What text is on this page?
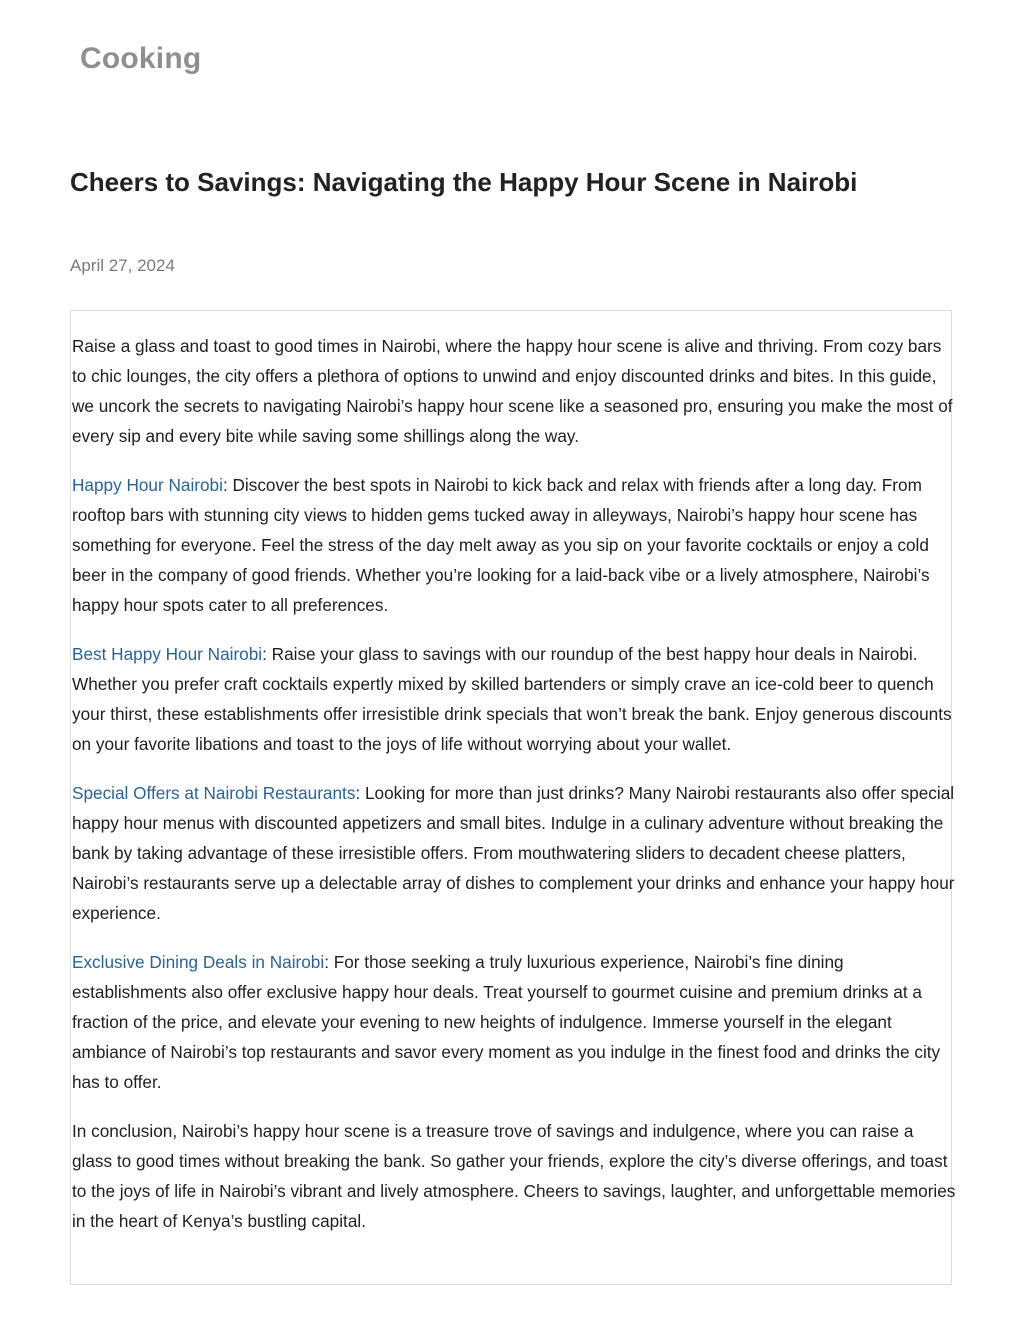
Cooking
Cheers to Savings: Navigating the Happy Hour Scene in Nairobi
April 27, 2024

Raise a glass and toast to good times in Nairobi, where the happy hour scene is alive and thriving. From cozy bars to chic lounges, the city offers a plethora of options to unwind and enjoy discounted drinks and bites. In this guide, we uncork the secrets to navigating Nairobi’s happy hour scene like a seasoned pro, ensuring you make the most of every sip and every bite while saving some shillings along the way.

Happy Hour Nairobi: Discover the best spots in Nairobi to kick back and relax with friends after a long day. From rooftop bars with stunning city views to hidden gems tucked away in alleyways, Nairobi’s happy hour scene has something for everyone. Feel the stress of the day melt away as you sip on your favorite cocktails or enjoy a cold beer in the company of good friends. Whether you’re looking for a laid-back vibe or a lively atmosphere, Nairobi’s happy hour spots cater to all preferences.

Best Happy Hour Nairobi: Raise your glass to savings with our roundup of the best happy hour deals in Nairobi. Whether you prefer craft cocktails expertly mixed by skilled bartenders or simply crave an ice-cold beer to quench your thirst, these establishments offer irresistible drink specials that won’t break the bank. Enjoy generous discounts on your favorite libations and toast to the joys of life without worrying about your wallet.

Special Offers at Nairobi Restaurants: Looking for more than just drinks? Many Nairobi restaurants also offer special happy hour menus with discounted appetizers and small bites. Indulge in a culinary adventure without breaking the bank by taking advantage of these irresistible offers. From mouthwatering sliders to decadent cheese platters, Nairobi’s restaurants serve up a delectable array of dishes to complement your drinks and enhance your happy hour experience.

Exclusive Dining Deals in Nairobi: For those seeking a truly luxurious experience, Nairobi’s fine dining establishments also offer exclusive happy hour deals. Treat yourself to gourmet cuisine and premium drinks at a fraction of the price, and elevate your evening to new heights of indulgence. Immerse yourself in the elegant ambiance of Nairobi’s top restaurants and savor every moment as you indulge in the finest food and drinks the city has to offer.

In conclusion, Nairobi’s happy hour scene is a treasure trove of savings and indulgence, where you can raise a glass to good times without breaking the bank. So gather your friends, explore the city’s diverse offerings, and toast to the joys of life in Nairobi’s vibrant and lively atmosphere. Cheers to savings, laughter, and unforgettable memories in the heart of Kenya’s bustling capital.
